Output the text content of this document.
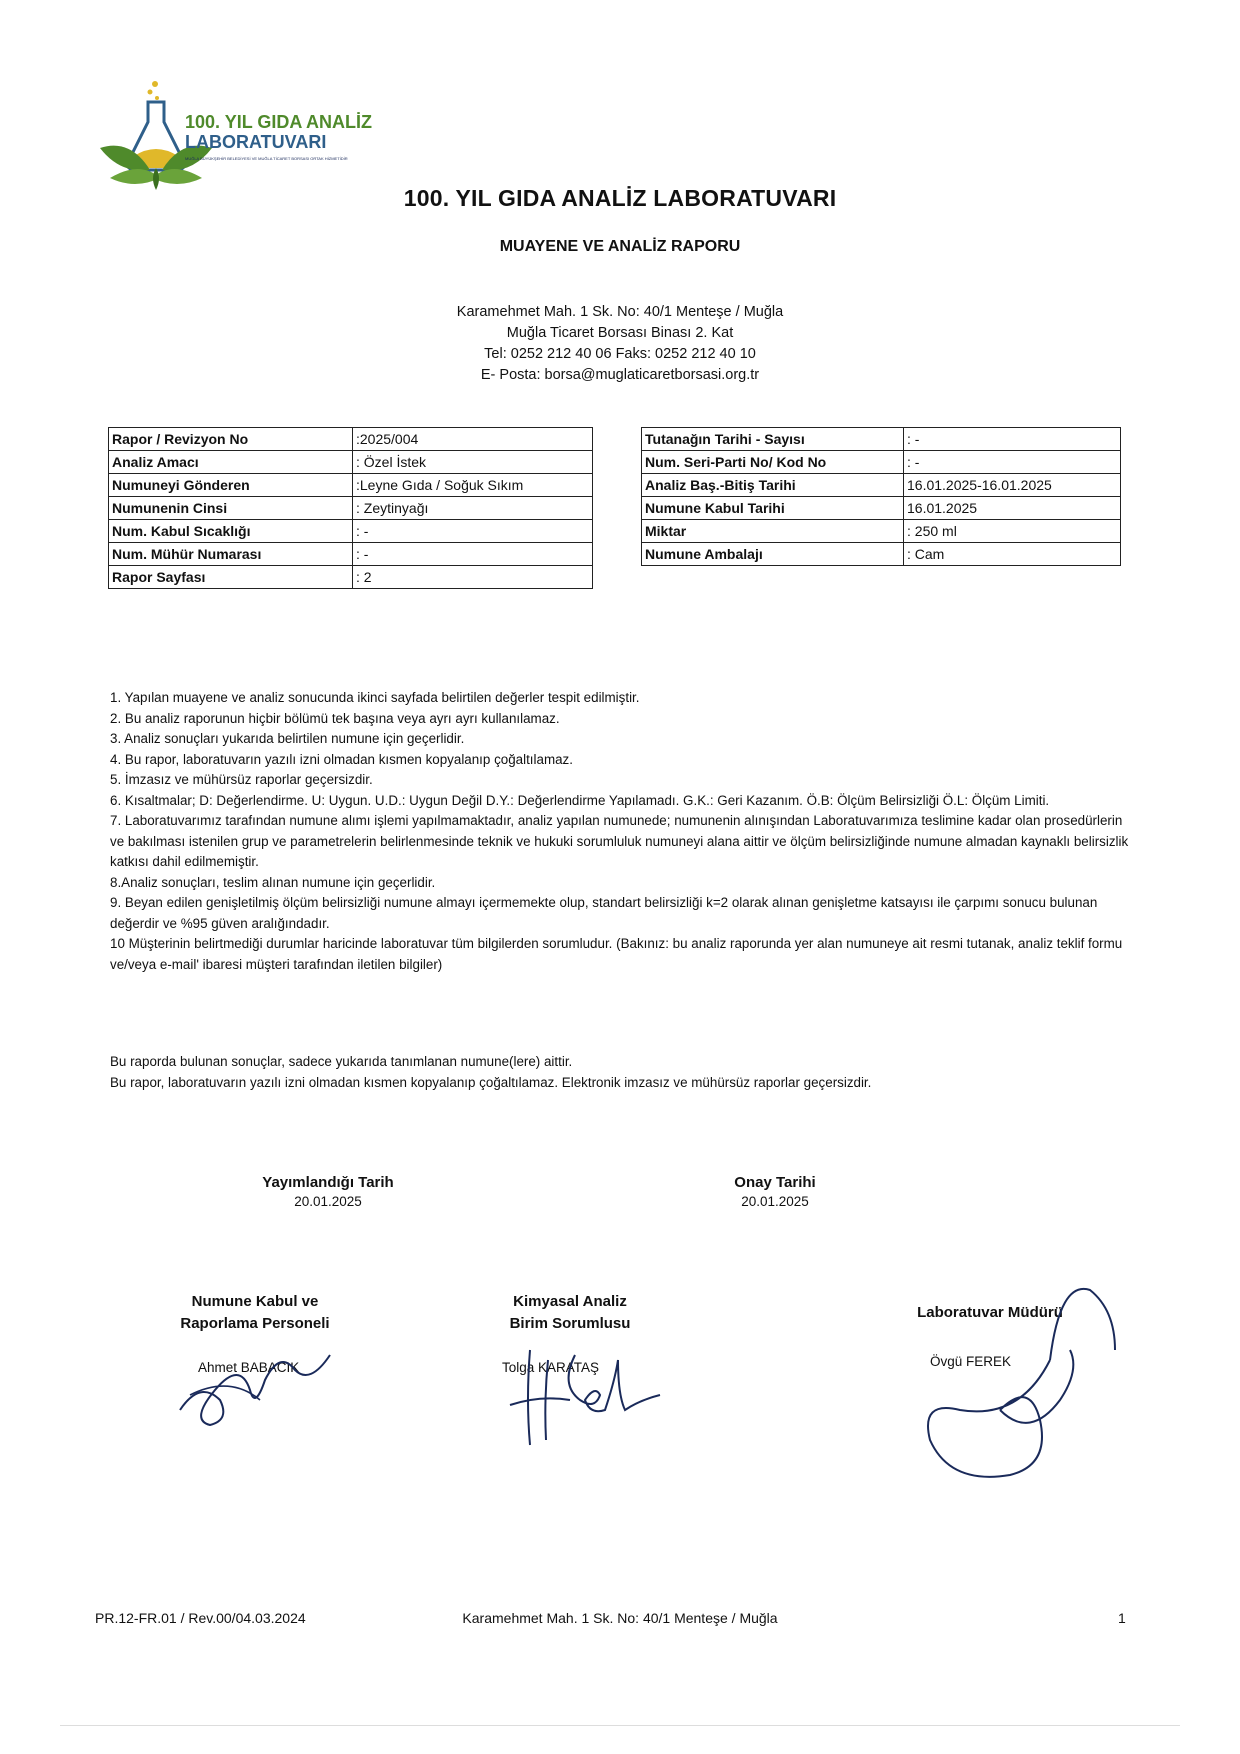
100. YIL GIDA ANALİZ
LABORATUVARI
MUĞLA BÜYÜKŞEHİR BELEDİYESİ VE MUĞLA TİCARET BORSASI ORTAK HİZMETİDİR
100. YIL GIDA ANALİZ LABORATUVARI
MUAYENE VE ANALİZ RAPORU
Karamehmet Mah. 1 Sk. No: 40/1 Menteşe / Muğla
Muğla Ticaret Borsası Binası 2. Kat
Tel: 0252 212 40 06 Faks: 0252 212 40 10
E- Posta: borsa@muglaticaretborsasi.org.tr
Rapor / Revizyon No	:2025/004
Analiz Amacı	: Özel İstek
Numuneyi Gönderen	:Leyne Gıda / Soğuk Sıkım
Numunenin Cinsi	: Zeytinyağı
Num. Kabul Sıcaklığı	: -
Num. Mühür Numarası	: -
Rapor Sayfası	: 2
Tutanağın Tarihi - Sayısı	: -
Num. Seri-Parti No/ Kod No	: -
Analiz Baş.-Bitiş Tarihi	16.01.2025-16.01.2025
Numune Kabul Tarihi	16.01.2025
Miktar	: 250 ml
Numune Ambalajı	: Cam

1. Yapılan muayene ve analiz sonucunda ikinci sayfada belirtilen değerler tespit edilmiştir.

2. Bu analiz raporunun hiçbir bölümü tek başına veya ayrı ayrı kullanılamaz.

3. Analiz sonuçları yukarıda belirtilen numune için geçerlidir.

4. Bu rapor, laboratuvarın yazılı izni olmadan kısmen kopyalanıp çoğaltılamaz.

5. İmzasız ve mühürsüz raporlar geçersizdir.

6. Kısaltmalar; D: Değerlendirme. U: Uygun. U.D.: Uygun Değil D.Y.: Değerlendirme Yapılamadı. G.K.: Geri Kazanım. Ö.B: Ölçüm Belirsizliği Ö.L: Ölçüm Limiti.

7. Laboratuvarımız tarafından numune alımı işlemi yapılmamaktadır, analiz yapılan numunede; numunenin alınışından Laboratuvarımıza teslimine kadar olan prosedürlerin ve bakılması istenilen grup ve parametrelerin belirlenmesinde teknik ve hukuki sorumluluk numuneyi alana aittir ve ölçüm belirsizliğinde numune almadan kaynaklı belirsizlik katkısı dahil edilmemiştir.

8.Analiz sonuçları, teslim alınan numune için geçerlidir.

9. Beyan edilen genişletilmiş ölçüm belirsizliği numune almayı içermemekte olup, standart belirsizliği k=2 olarak alınan genişletme katsayısı ile çarpımı sonucu bulunan değerdir ve %95 güven aralığındadır.

10 Müşterinin belirtmediği durumlar haricinde laboratuvar tüm bilgilerden sorumludur. (Bakınız: bu analiz raporunda yer alan numuneye ait resmi tutanak, analiz teklif formu ve/veya e-mail' ibaresi müşteri tarafından iletilen bilgiler)

Bu raporda bulunan sonuçlar, sadece yukarıda tanımlanan numune(lere) aittir.

Bu rapor, laboratuvarın yazılı izni olmadan kısmen kopyalanıp çoğaltılamaz. Elektronik imzasız ve mühürsüz raporlar geçersizdir.

Yayımlandığı Tarih
20.01.2025
Onay Tarihi
20.01.2025
Numune Kabul ve
Raporlama Personeli
Ahmet BABACIK
Kimyasal Analiz
Birim Sorumlusu
Tolga KARATAŞ
Laboratuvar Müdürü
Övgü FEREK
PR.12-FR.01 / Rev.00/04.03.2024	Karamehmet Mah. 1 Sk. No: 40/1 Menteşe / Muğla	1
